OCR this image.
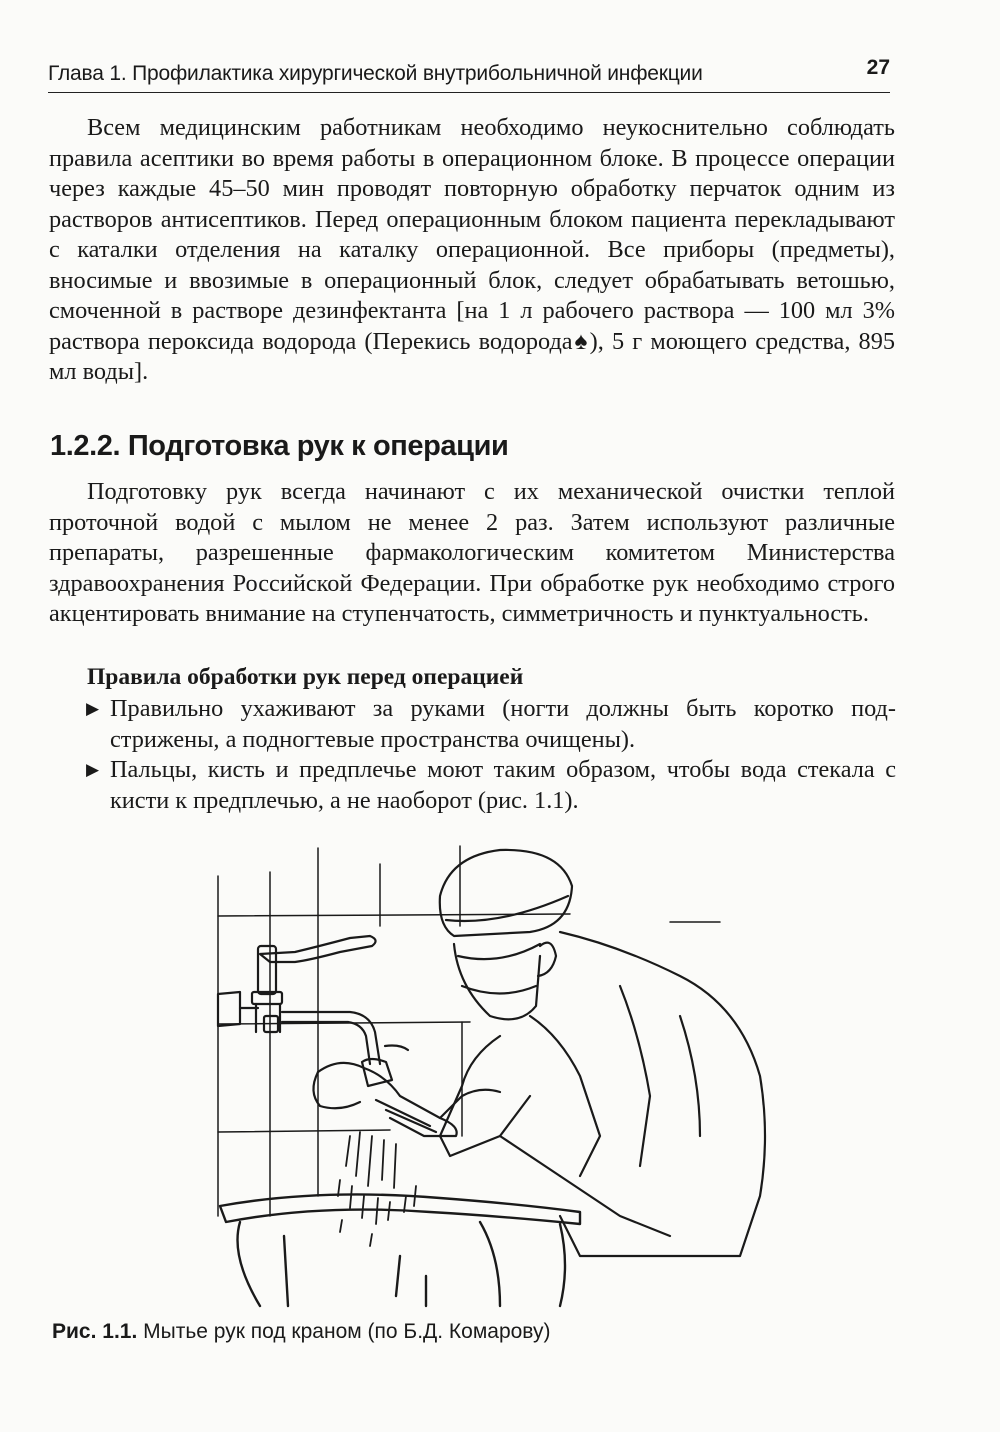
Глава 1. Профилактика хирургической внутрибольничной инфекции	27

Всем медицинским работникам необходимо неукоснительно соблюдать правила асептики во время работы в операционном блоке. В процессе операции через каждые 45–50 мин проводят повторную обработку перчаток одним из растворов антисептиков. Перед операционным блоком пациента перекладывают с каталки отделения на каталку операционной. Все приборы (предметы), вносимые и ввозимые в операционный блок, следует обрабатывать ветошью, смоченной в растворе дезинфектанта [на 1 л рабочего раствора — 100 мл 3% раствора пероксида водорода (Перекись водорода♠), 5 г моющего средства, 895 мл воды].

1.2.2. Подготовка рук к операции

Подготовку рук всегда начинают с их механической очистки теплой проточной водой с мылом не менее 2 раз. Затем используют различные препараты, разрешенные фармакологическим комитетом Министерства здравоохранения Российской Федерации. При обработке рук необходимо строго акцентировать внимание на ступенчатость, симметричность и пунктуальность.

Правила обработки рук перед операцией
▶ Правильно ухаживают за руками (ногти должны быть коротко подстрижены, а подногтевые пространства очищены).
▶ Пальцы, кисть и предплечье моют таким образом, чтобы вода стекала с кисти к предплечью, а не наоборот (рис. 1.1).
Рис. 1.1. Мытье рук под краном (по Б.Д. Комарову)
